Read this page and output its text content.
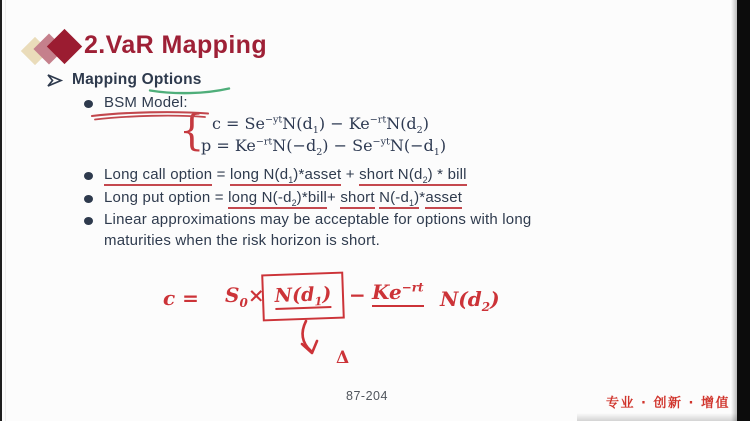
2.VaR Mapping
Mapping Options
BSM Model:
{ $c = Se^{-yt}N(d_1) - Ke^{-rt}N(d_2)$
$p = Ke^{-rt}N(-d_2) - Se^{-yt}N(-d_1)$
Long call option = long $N(d_1)*asset$ + short $N(d_2)$ * bill
Long put option = long $N(-d_2)*bill+$ short $N(-d_1)*asset$
Linear approximations may be acceptable for options with long
maturities when the risk horizon is short.
$c = S_0\times N(d_1) - Ke^{-rt}$ $N(d_2)$
Δ
87-204	专业 · 创新 · 增值
